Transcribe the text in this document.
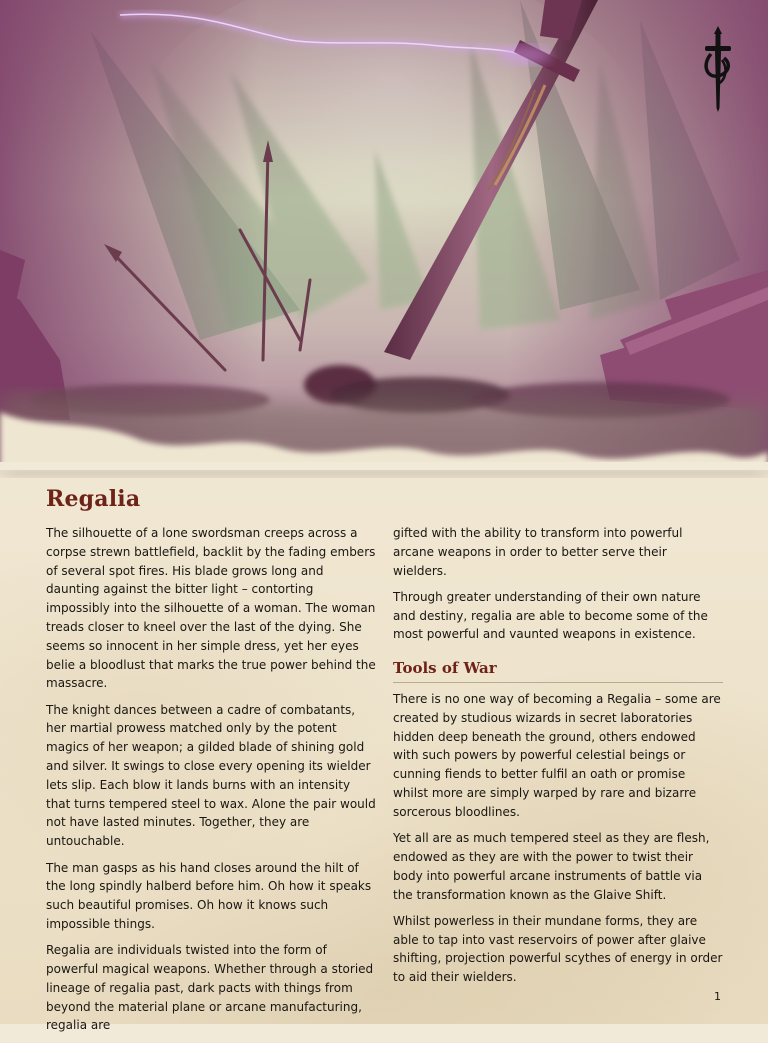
Regalia

The silhouette of a lone swordsman creeps across a corpse strewn battlefield, backlit by the fading embers of several spot fires. His blade grows long and daunting against the bitter light – contorting impossibly into the silhouette of a woman. The woman treads closer to kneel over the last of the dying. She seems so innocent in her simple dress, yet her eyes belie a bloodlust that marks the true power behind the massacre.

The knight dances between a cadre of combatants, her martial prowess matched only by the potent magics of her weapon; a gilded blade of shining gold and silver. It swings to close every opening its wielder lets slip. Each blow it lands burns with an intensity that turns tempered steel to wax. Alone the pair would not have lasted minutes. Together, they are untouchable.

The man gasps as his hand closes around the hilt of the long spindly halberd before him. Oh how it speaks such beautiful promises. Oh how it knows such impossible things.

Regalia are individuals twisted into the form of powerful magical weapons. Whether through a storied lineage of regalia past, dark pacts with things from beyond the material plane or arcane manufacturing, regalia are

gifted with the ability to transform into powerful arcane weapons in order to better serve their wielders.

Through greater understanding of their own nature and destiny, regalia are able to become some of the most powerful and vaunted weapons in existence.

Tools of War

There is no one way of becoming a Regalia – some are created by studious wizards in secret laboratories hidden deep beneath the ground, others endowed with such powers by powerful celestial beings or cunning fiends to better fulfil an oath or promise whilst more are simply warped by rare and bizarre sorcerous bloodlines.

Yet all are as much tempered steel as they are flesh, endowed as they are with the power to twist their body into powerful arcane instruments of battle via the transformation known as the Glaive Shift.

Whilst powerless in their mundane forms, they are able to tap into vast reservoirs of power after glaive shifting, projection powerful scythes of energy in order to aid their wielders.

1
